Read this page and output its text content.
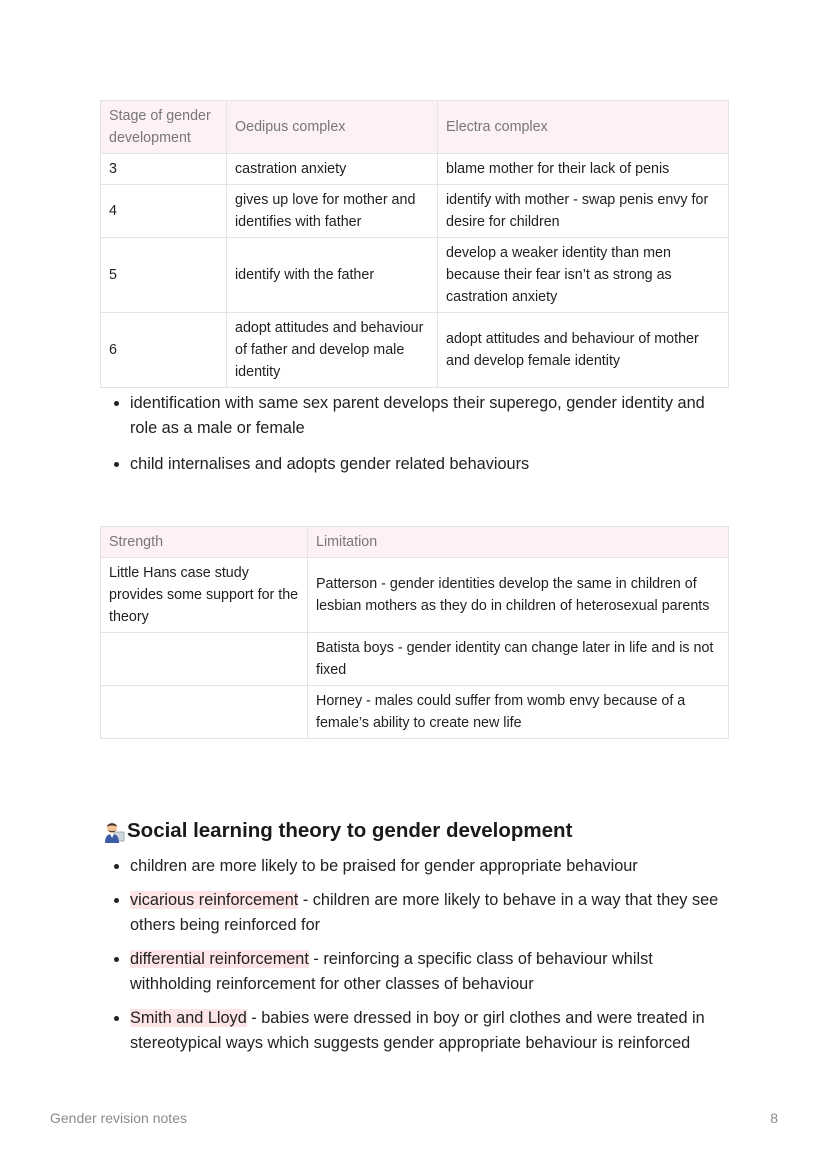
Stage of gender development	Oedipus complex	Electra complex
3	castration anxiety	blame mother for their lack of penis
4	gives up love for mother and identifies with father	identify with mother - swap penis envy for desire for children
5	identify with the father	develop a weaker identity than men because their fear isn’t as strong as castration anxiety
6	adopt attitudes and behaviour of father and develop male identity	adopt attitudes and behaviour of mother and develop female identity
• identification with same sex parent develops their superego, gender identity and role as a male or female
• child internalises and adopts gender related behaviours
Strength	Limitation
Little Hans case study provides some support for the theory	Patterson - gender identities develop the same in children of lesbian mothers as they do in children of heterosexual parents
	Batista boys - gender identity can change later in life and is not fixed
	Horney - males could suffer from womb envy because of a female’s ability to create new life
Social learning theory to gender development
• children are more likely to be praised for gender appropriate behaviour
• vicarious reinforcement - children are more likely to behave in a way that they see others being reinforced for
• differential reinforcement - reinforcing a specific class of behaviour whilst withholding reinforcement for other classes of behaviour
• Smith and Lloyd - babies were dressed in boy or girl clothes and were treated in stereotypical ways which suggests gender appropriate behaviour is reinforced
Gender revision notes	8
